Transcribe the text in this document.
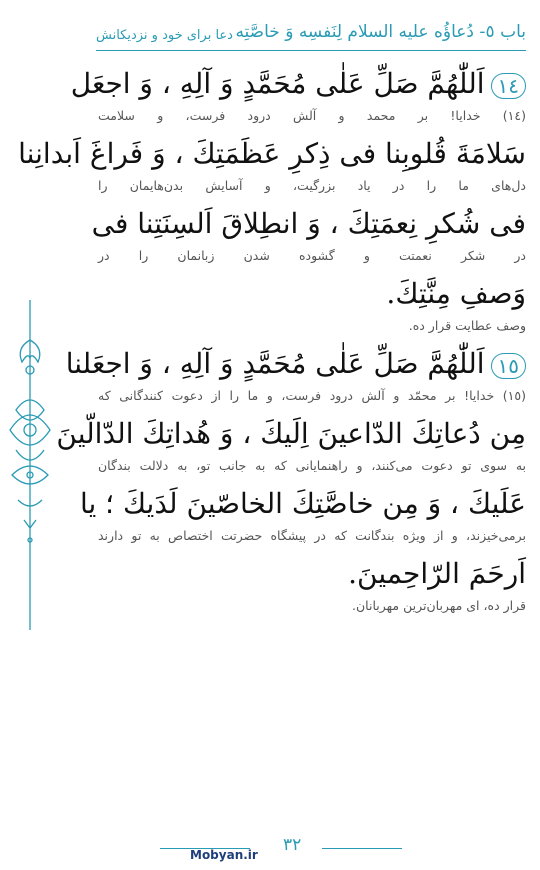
باب ٥- دُعاؤُه عليه السلام لِنَفسِه وَ خاصَّتِه
دعا برای خود و نزدیکانش
١٤اَللّٰهُمَّ صَلِّ عَلٰى مُحَمَّدٍ وَ آلِهِ ، وَ اجعَل
(١٤) خدايا! بر محمد و آلش درود فرست، و سلامت
سَلامَةَ قُلوبِنا فى ذِكرِ عَظَمَتِكَ ، وَ فَراغَ اَبدانِنا
دل‌های ما را در یاد بزرگیت، و آسایش بدن‌هایمان را
فى شُكرِ نِعمَتِكَ ، وَ انطِلاقَ اَلسِنَتِنا فى
در شکر نعمتت و گشوده شدن زبانمان را در
وَصفِ مِنَّتِكَ.
وصف عطایت قرار ده.
١٥اَللّٰهُمَّ صَلِّ عَلٰى مُحَمَّدٍ وَ آلِهِ ، وَ اجعَلنا
(١٥) خدايا! بر محمّد و آلش درود فرست، و ما را از دعوت کنندگانی که
مِن دُعاتِكَ الدّاعينَ اِلَيكَ ، وَ هُداتِكَ الدّالّينَ
به سوی تو دعوت می‌کنند، و راهنمایانی که به جانب تو، به دلالت بندگان
عَلَيكَ ، وَ مِن خاصَّتِكَ الخاصّينَ لَدَيكَ ؛ يا
برمی‌خیزند، و از ویژه بندگانت که در پیشگاه حضرتت اختصاص به تو دارند
اَرحَمَ الرّاحِمينَ.
قرار ده، ای مهربان‌ترین مهربانان.
Mobyan.ir ٣٢
